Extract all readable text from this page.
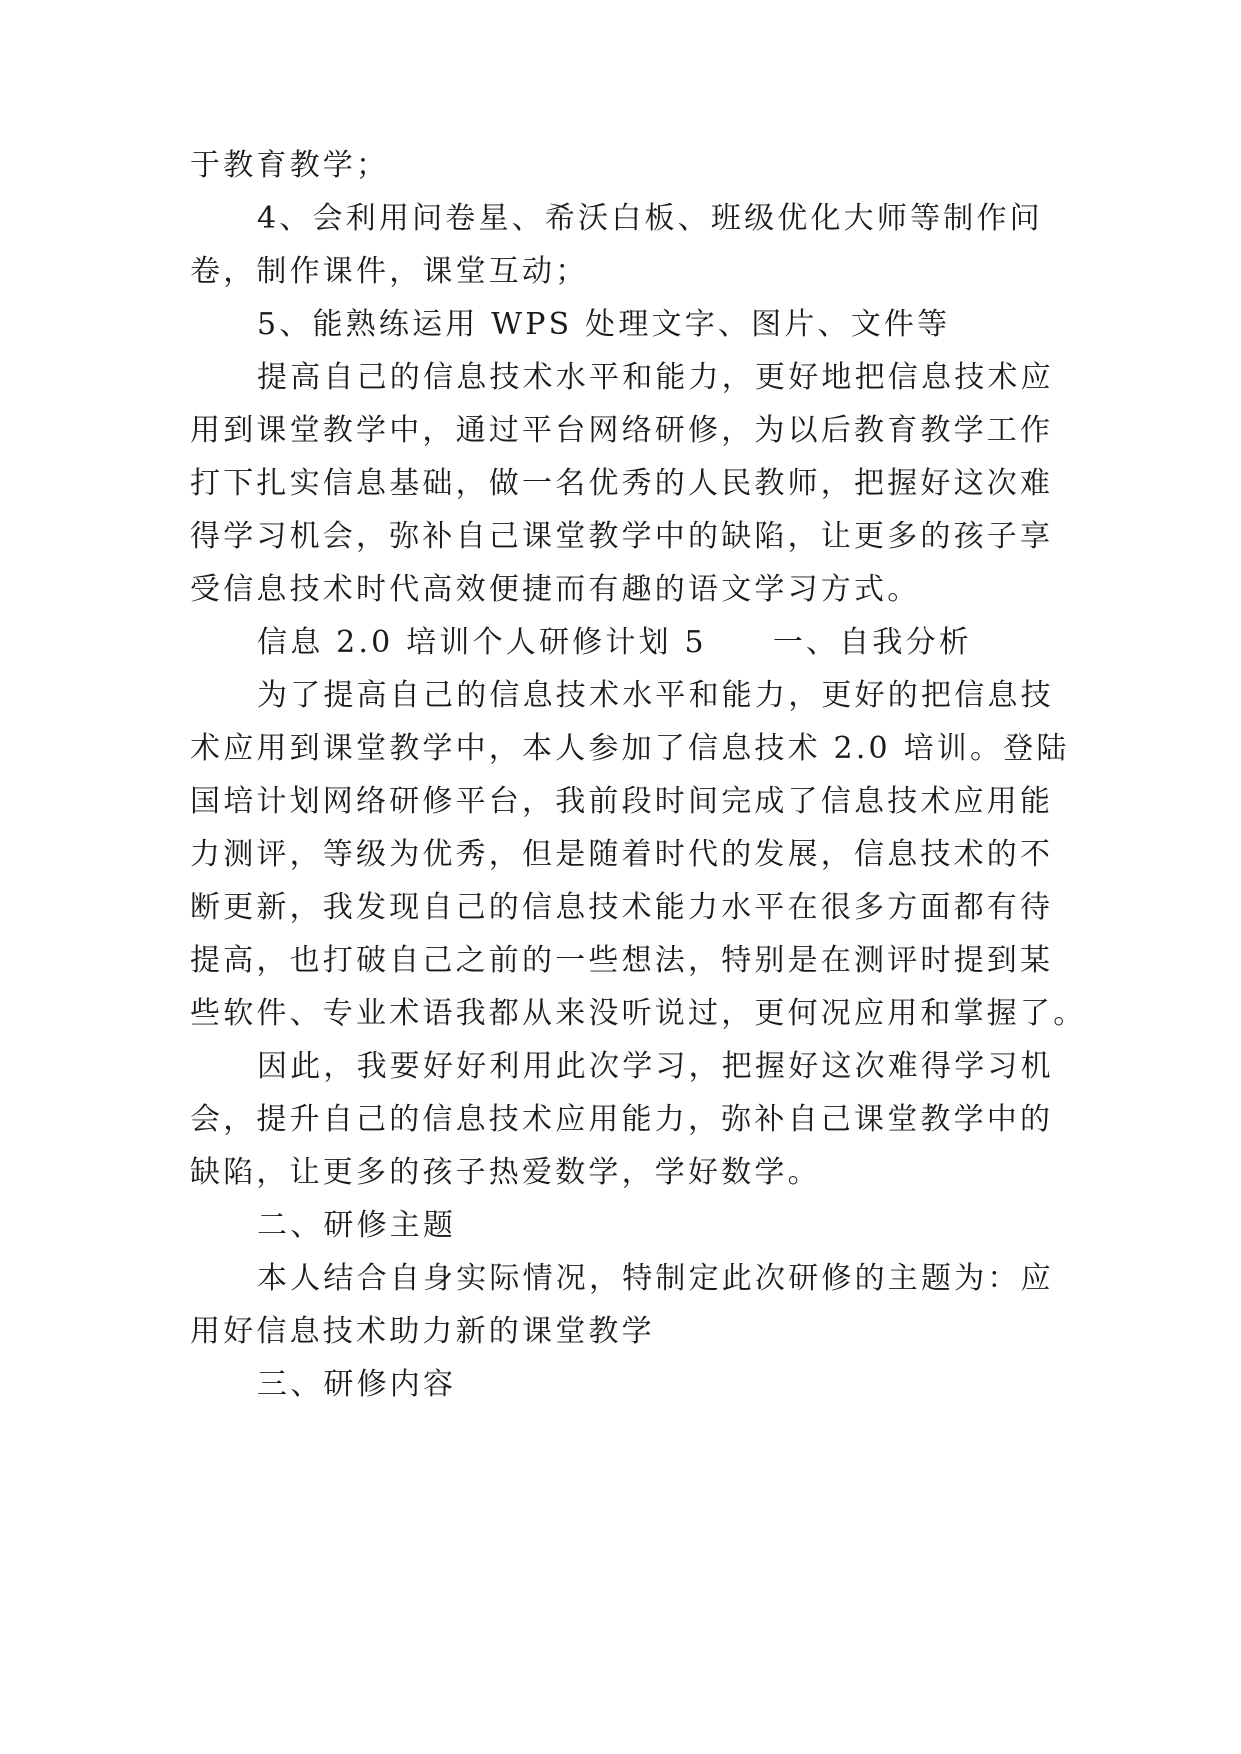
于教育教学；
4、会利用问卷星、希沃白板、班级优化大师等制作问
卷，制作课件，课堂互动；
5、能熟练运用 WPS 处理文字、图片、文件等
提高自己的信息技术水平和能力，更好地把信息技术应
用到课堂教学中，通过平台网络研修，为以后教育教学工作
打下扎实信息基础，做一名优秀的人民教师，把握好这次难
得学习机会，弥补自己课堂教学中的缺陷，让更多的孩子享
受信息技术时代高效便捷而有趣的语文学习方式。
信息 2.0 培训个人研修计划 5 一、自我分析
为了提高自己的信息技术水平和能力，更好的把信息技
术应用到课堂教学中，本人参加了信息技术 2.0 培训。登陆
国培计划网络研修平台，我前段时间完成了信息技术应用能
力测评，等级为优秀，但是随着时代的发展，信息技术的不
断更新，我发现自己的信息技术能力水平在很多方面都有待
提高，也打破自己之前的一些想法，特别是在测评时提到某
些软件、专业术语我都从来没听说过，更何况应用和掌握了。
因此，我要好好利用此次学习，把握好这次难得学习机
会，提升自己的信息技术应用能力，弥补自己课堂教学中的
缺陷，让更多的孩子热爱数学，学好数学。
二、研修主题
本人结合自身实际情况，特制定此次研修的主题为：应
用好信息技术助力新的课堂教学
三、研修内容
